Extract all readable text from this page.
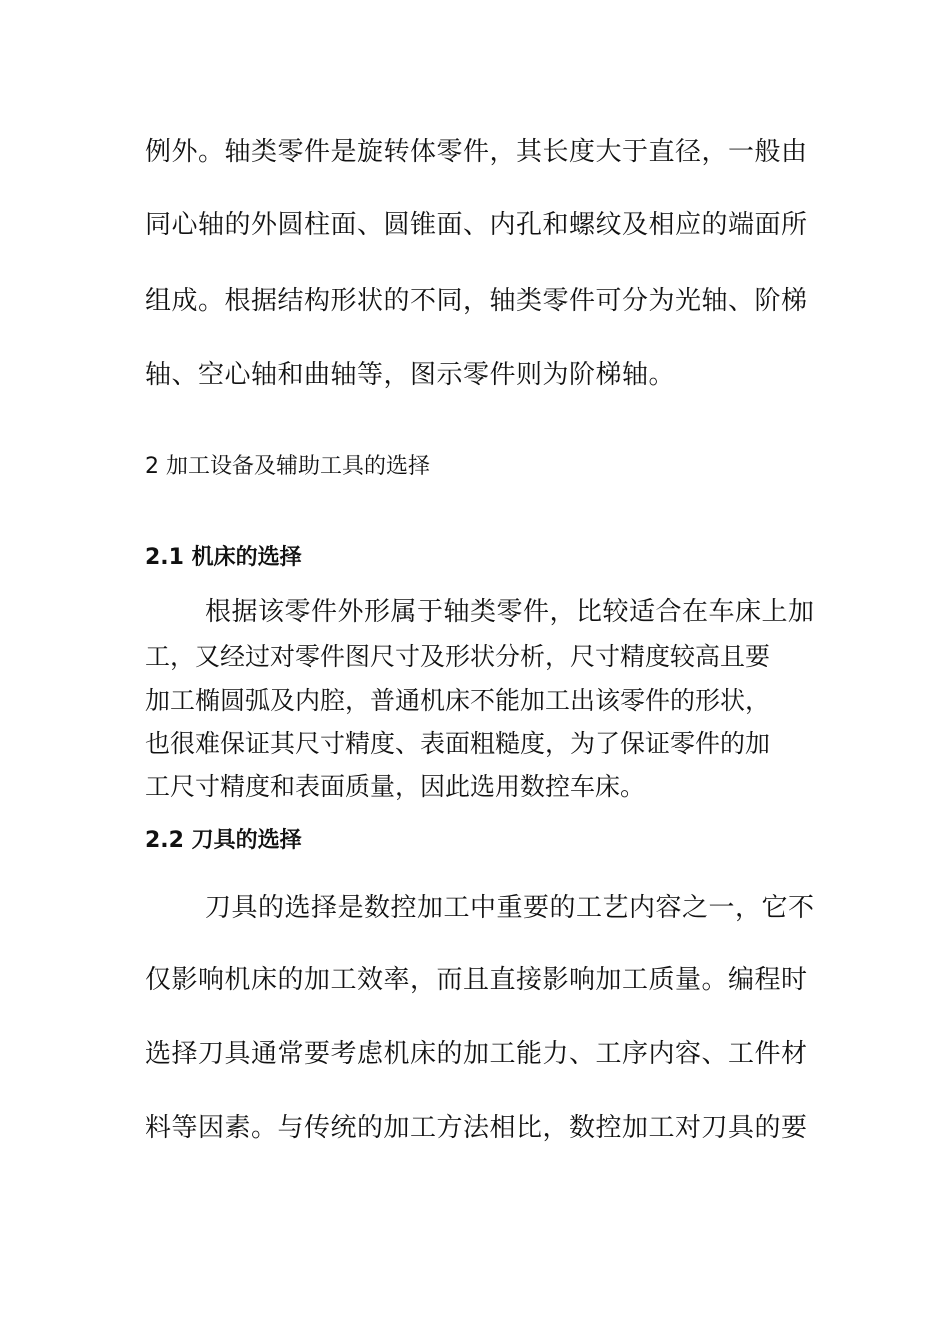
例外。轴类零件是旋转体零件，其长度大于直径，一般由
同心轴的外圆柱面、圆锥面、内孔和螺纹及相应的端面所
组成。根据结构形状的不同，轴类零件可分为光轴、阶梯
轴、空心轴和曲轴等，图示零件则为阶梯轴。
2 加工设备及辅助工具的选择
2.1 机床的选择
根据该零件外形属于轴类零件，比较适合在车床上加
工，又经过对零件图尺寸及形状分析，尺寸精度较高且要
加工椭圆弧及内腔，普通机床不能加工出该零件的形状，
也很难保证其尺寸精度、表面粗糙度，为了保证零件的加
工尺寸精度和表面质量，因此选用数控车床。
2.2 刀具的选择
刀具的选择是数控加工中重要的工艺内容之一，它不
仅影响机床的加工效率，而且直接影响加工质量。编程时
选择刀具通常要考虑机床的加工能力、工序内容、工件材
料等因素。与传统的加工方法相比，数控加工对刀具的要
